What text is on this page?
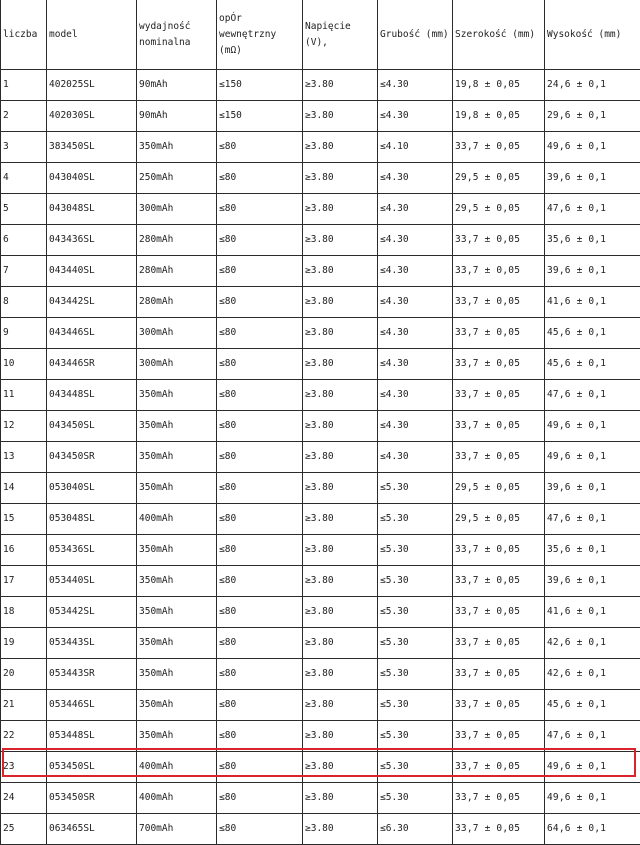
liczba	model	wydajność nominalna	opÓr wewnętrzny (mΩ)	Napięcie (V),	Grubość (mm)	Szerokość (mm)	Wysokość (mm)
1	402025SL	90mAh	≤150	≥3.80	≤4.30	19,8 ± 0,05	24,6 ± 0,1
2	402030SL	90mAh	≤150	≥3.80	≤4.30	19,8 ± 0,05	29,6 ± 0,1
3	383450SL	350mAh	≤80	≥3.80	≤4.10	33,7 ± 0,05	49,6 ± 0,1
4	043040SL	250mAh	≤80	≥3.80	≤4.30	29,5 ± 0,05	39,6 ± 0,1
5	043048SL	300mAh	≤80	≥3.80	≤4.30	29,5 ± 0,05	47,6 ± 0,1
6	043436SL	280mAh	≤80	≥3.80	≤4.30	33,7 ± 0,05	35,6 ± 0,1
7	043440SL	280mAh	≤80	≥3.80	≤4.30	33,7 ± 0,05	39,6 ± 0,1
8	043442SL	280mAh	≤80	≥3.80	≤4.30	33,7 ± 0,05	41,6 ± 0,1
9	043446SL	300mAh	≤80	≥3.80	≤4.30	33,7 ± 0,05	45,6 ± 0,1
10	043446SR	300mAh	≤80	≥3.80	≤4.30	33,7 ± 0,05	45,6 ± 0,1
11	043448SL	350mAh	≤80	≥3.80	≤4.30	33,7 ± 0,05	47,6 ± 0,1
12	043450SL	350mAh	≤80	≥3.80	≤4.30	33,7 ± 0,05	49,6 ± 0,1
13	043450SR	350mAh	≤80	≥3.80	≤4.30	33,7 ± 0,05	49,6 ± 0,1
14	053040SL	350mAh	≤80	≥3.80	≤5.30	29,5 ± 0,05	39,6 ± 0,1
15	053048SL	400mAh	≤80	≥3.80	≤5.30	29,5 ± 0,05	47,6 ± 0,1
16	053436SL	350mAh	≤80	≥3.80	≤5.30	33,7 ± 0,05	35,6 ± 0,1
17	053440SL	350mAh	≤80	≥3.80	≤5.30	33,7 ± 0,05	39,6 ± 0,1
18	053442SL	350mAh	≤80	≥3.80	≤5.30	33,7 ± 0,05	41,6 ± 0,1
19	053443SL	350mAh	≤80	≥3.80	≤5.30	33,7 ± 0,05	42,6 ± 0,1
20	053443SR	350mAh	≤80	≥3.80	≤5.30	33,7 ± 0,05	42,6 ± 0,1
21	053446SL	350mAh	≤80	≥3.80	≤5.30	33,7 ± 0,05	45,6 ± 0,1
22	053448SL	350mAh	≤80	≥3.80	≤5.30	33,7 ± 0,05	47,6 ± 0,1
23	053450SL	400mAh	≤80	≥3.80	≤5.30	33,7 ± 0,05	49,6 ± 0,1
24	053450SR	400mAh	≤80	≥3.80	≤5.30	33,7 ± 0,05	49,6 ± 0,1
25	063465SL	700mAh	≤80	≥3.80	≤6.30	33,7 ± 0,05	64,6 ± 0,1
